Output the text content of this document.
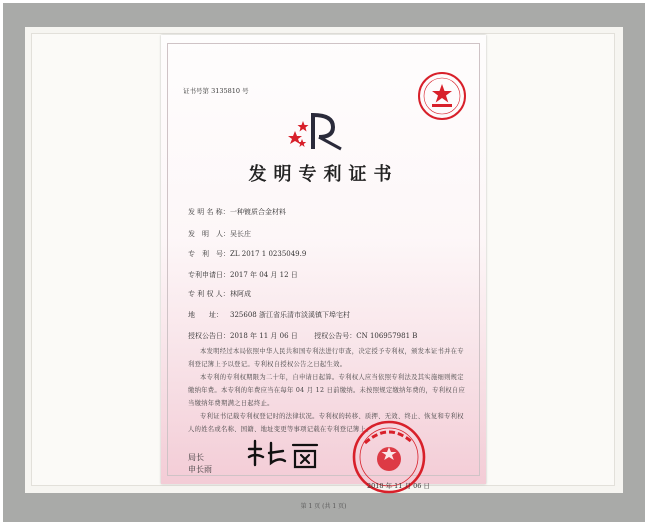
证书号第 3135810 号
发明专利证书
发 明 名 称：一种镀质合金材料
发　明　人：吴长庄
专　利　号：ZL 2017 1 0235049.9
专利申请日：2017 年 04 月 12 日
专 利 权 人：林阿成
地　　址： 325608 浙江省乐清市淡溪镇下埠宅村
授权公告日：2018 年 11 月 06 日 授权公告号：CN 106957981 B

本发明经过本局依照中华人民共和国专利法进行审查，决定授予专利权，颁发本证书并在专利登记簿上予以登记。专利权自授权公告之日起生效。

本专利的专利权期限为二十年，自申请日起算。专利权人应当依照专利法及其实施细则规定缴纳年费。本专利的年费应当在每年 04 月 12 日前缴纳。未按照规定缴纳年费的，专利权自应当缴纳年费期满之日起终止。

专利证书记载专利权登记时的法律状况。专利权的转移、质押、无效、终止、恢复和专利权人的姓名或名称、国籍、地址变更等事项记载在专利登记簿上。

局长
申长雨
2018 年 11 月 06 日
第 1 页 (共 1 页)
